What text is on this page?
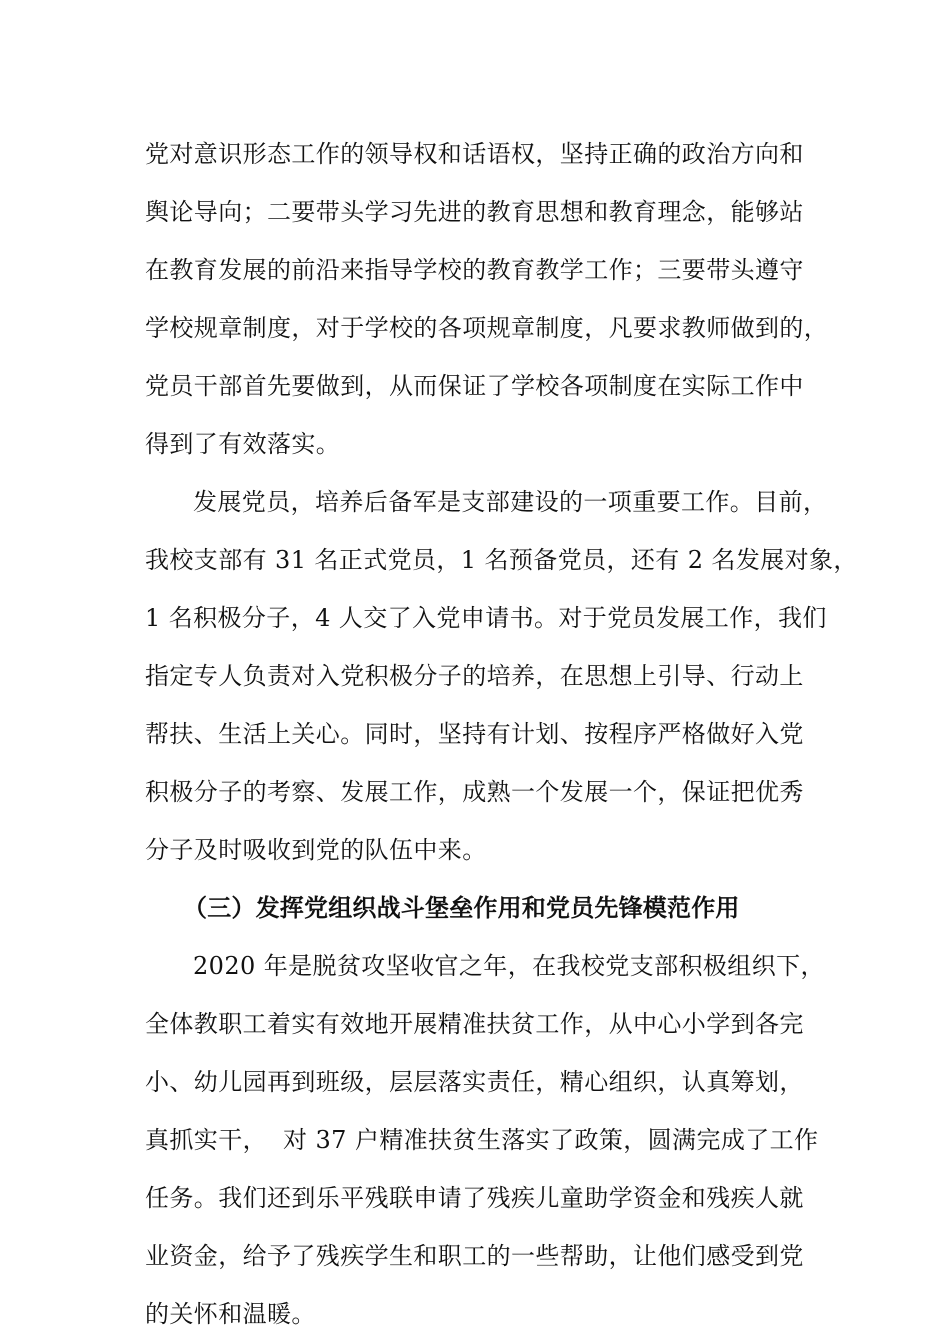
党对意识形态工作的领导权和话语权，坚持正确的政治方向和
舆论导向；二要带头学习先进的教育思想和教育理念，能够站
在教育发展的前沿来指导学校的教育教学工作；三要带头遵守
学校规章制度，对于学校的各项规章制度，凡要求教师做到的，
党员干部首先要做到，从而保证了学校各项制度在实际工作中
得到了有效落实。
发展党员，培养后备军是支部建设的一项重要工作。目前，
我校支部有 31 名正式党员，1 名预备党员，还有 2 名发展对象，
1 名积极分子，4 人交了入党申请书。对于党员发展工作，我们
指定专人负责对入党积极分子的培养，在思想上引导、行动上
帮扶、生活上关心。同时，坚持有计划、按程序严格做好入党
积极分子的考察、发展工作，成熟一个发展一个，保证把优秀
分子及时吸收到党的队伍中来。
（三）发挥党组织战斗堡垒作用和党员先锋模范作用
2020 年是脱贫攻坚收官之年，在我校党支部积极组织下，
全体教职工着实有效地开展精准扶贫工作，从中心小学到各完
小、幼儿园再到班级，层层落实责任，精心组织，认真筹划，
真抓实干，  对 37 户精准扶贫生落实了政策，圆满完成了工作
任务。我们还到乐平残联申请了残疾儿童助学资金和残疾人就
业资金，给予了残疾学生和职工的一些帮助，让他们感受到党
的关怀和温暖。
